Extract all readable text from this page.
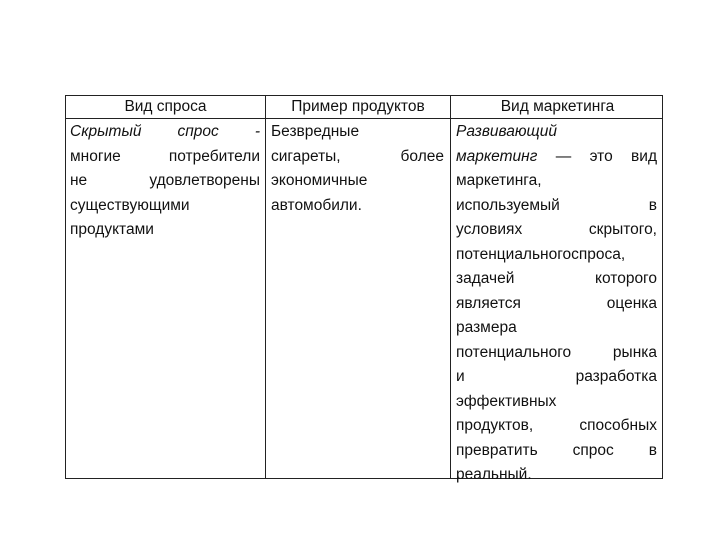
Вид спроса	Пример продуктов	Вид маркетинга
Скрытый спрос -
многие потребители
не удовлетворены
существующими
продуктами
Безвредные
сигареты, более
экономичные
автомобили.
Развивающий
маркетинг — это вид
маркетинга,
используемый в
условиях скрытого,
потенциальногоспроса,
задачей которого
является оценка
размера
потенциального рынка
и разработка
эффективных
продуктов, способных
превратить спрос в
реальный.
